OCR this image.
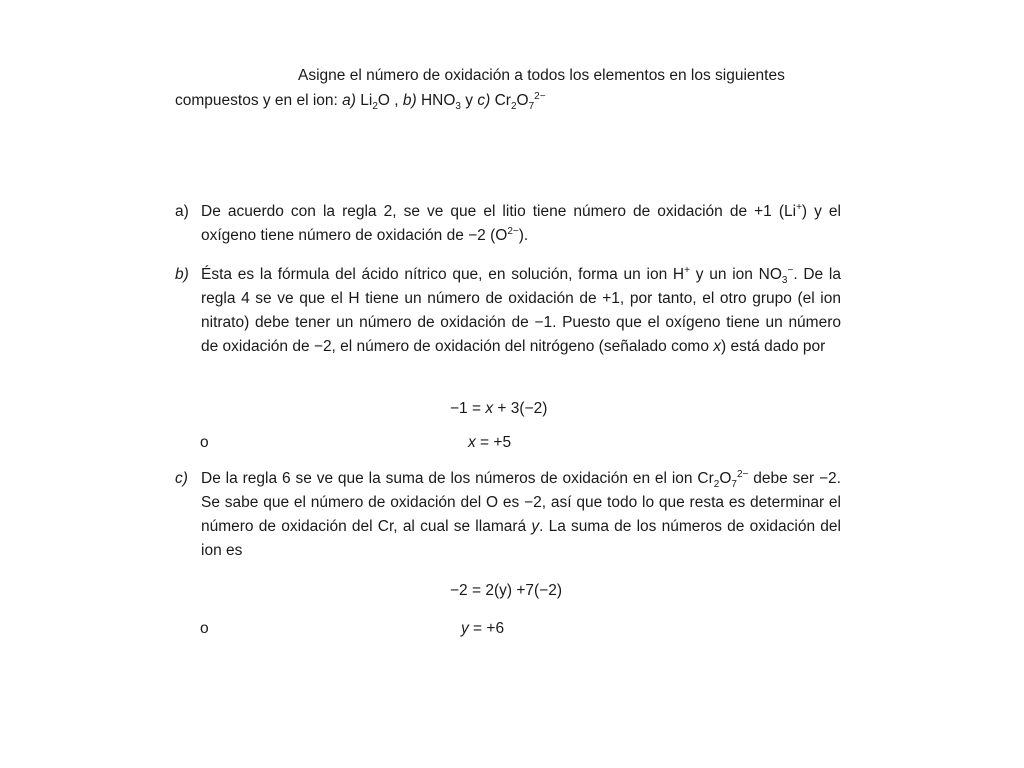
Asigne el número de oxidación a todos los elementos en los siguientes
compuestos y en el ion: a) $Li_2O$ , b) $HNO_3$ y c) $Cr_2O_7^{2-}$
a) De acuerdo con la regla 2, se ve que el litio tiene número de oxidación de +1 (Li+) y el oxígeno tiene número de oxidación de −2 $(O^{2-})$.
b) Ésta es la fórmula del ácido nítrico que, en solución, forma un ion H+ y un ion $NO_3^-$. De la regla 4 se ve que el H tiene un número de oxidación de +1, por tanto, el otro grupo (el ion nitrato) debe tener un número de oxidación de −1. Puesto que el oxígeno tiene un número de oxidación de −2, el número de oxidación del nitrógeno (señalado como x) está dado por
−1 = x + 3(−2)
o	x = +5
c) De la regla 6 se ve que la suma de los números de oxidación en el ion $Cr_2O_7^{2-}$ debe ser −2. Se sabe que el número de oxidación del O es −2, así que todo lo que resta es determinar el número de oxidación del Cr, al cual se llamará y. La suma de los números de oxidación del ion es
−2 = 2(y) +7(−2)
o	y = +6
